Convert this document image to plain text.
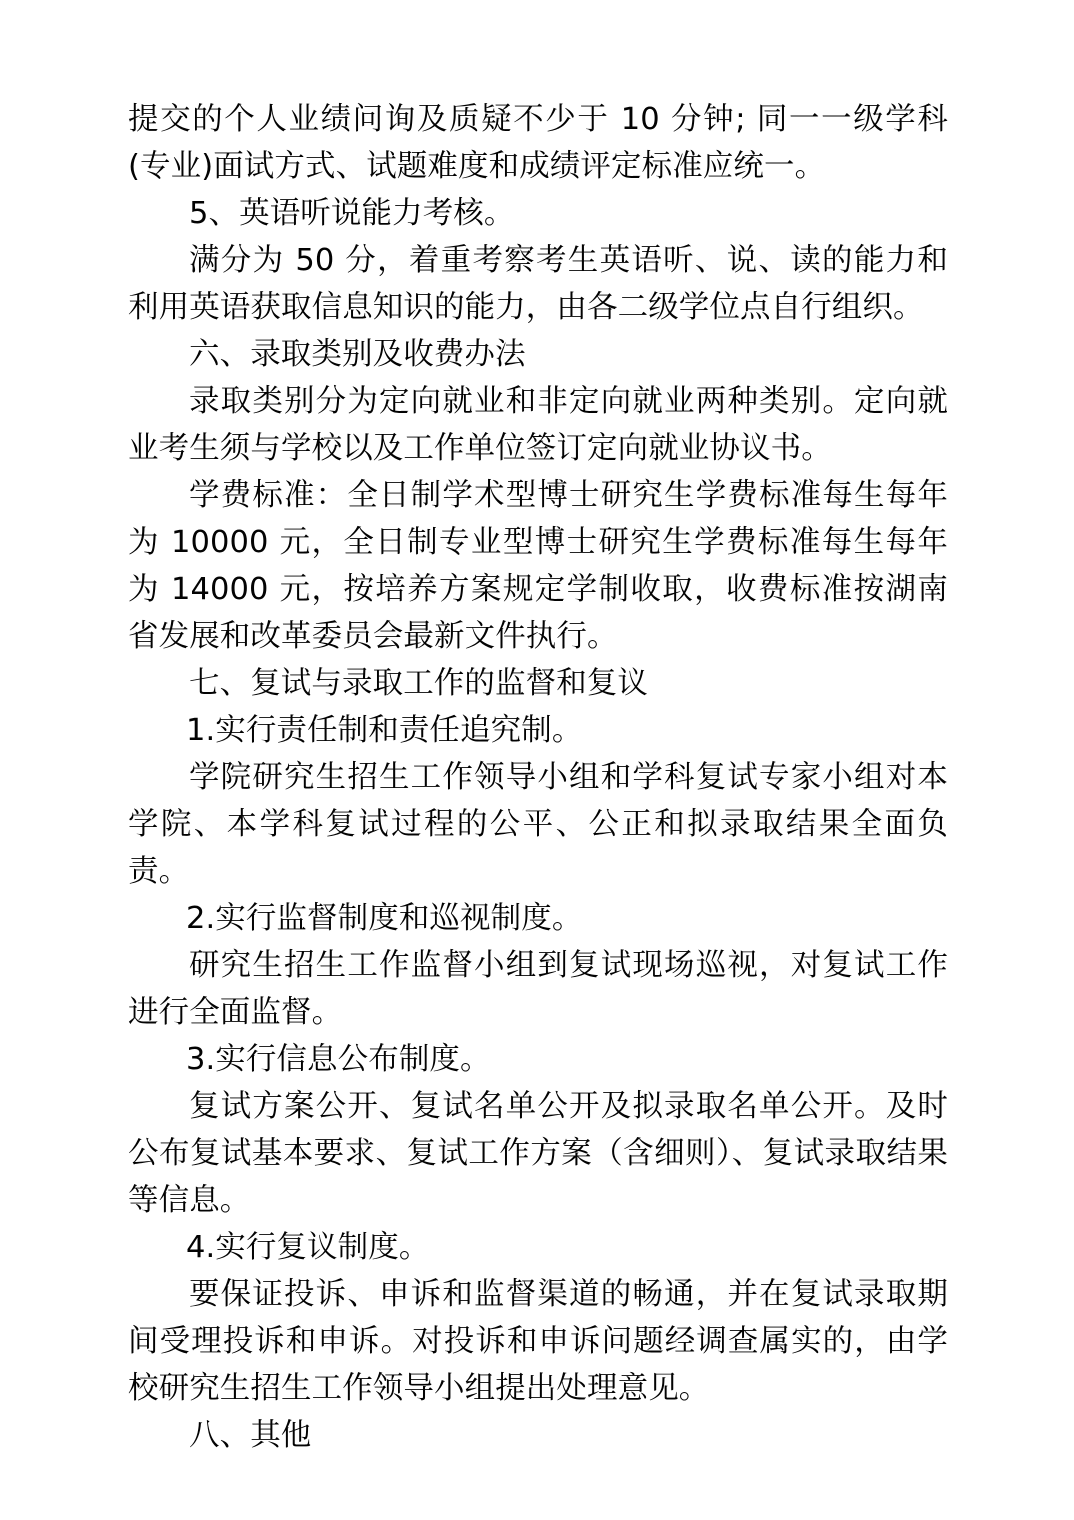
提交的个人业绩问询及质疑不少于 10 分钟; 同一一级学科(专业)面试方式、试题难度和成绩评定标准应统一。

5、英语听说能力考核。

满分为 50 分，着重考察考生英语听、说、读的能力和利用英语获取信息知识的能力，由各二级学位点自行组织。

六、录取类别及收费办法

录取类别分为定向就业和非定向就业两种类别。定向就业考生须与学校以及工作单位签订定向就业协议书。

学费标准：全日制学术型博士研究生学费标准每生每年为 10000 元，全日制专业型博士研究生学费标准每生每年为 14000 元，按培养方案规定学制收取，收费标准按湖南省发展和改革委员会最新文件执行。

七、复试与录取工作的监督和复议

1.实行责任制和责任追究制。

学院研究生招生工作领导小组和学科复试专家小组对本学院、本学科复试过程的公平、公正和拟录取结果全面负责。

2.实行监督制度和巡视制度。

研究生招生工作监督小组到复试现场巡视，对复试工作进行全面监督。

3.实行信息公布制度。

复试方案公开、复试名单公开及拟录取名单公开。及时公布复试基本要求、复试工作方案（含细则）、复试录取结果等信息。

4.实行复议制度。

要保证投诉、申诉和监督渠道的畅通，并在复试录取期间受理投诉和申诉。对投诉和申诉问题经调查属实的，由学校研究生招生工作领导小组提出处理意见。

八、其他
